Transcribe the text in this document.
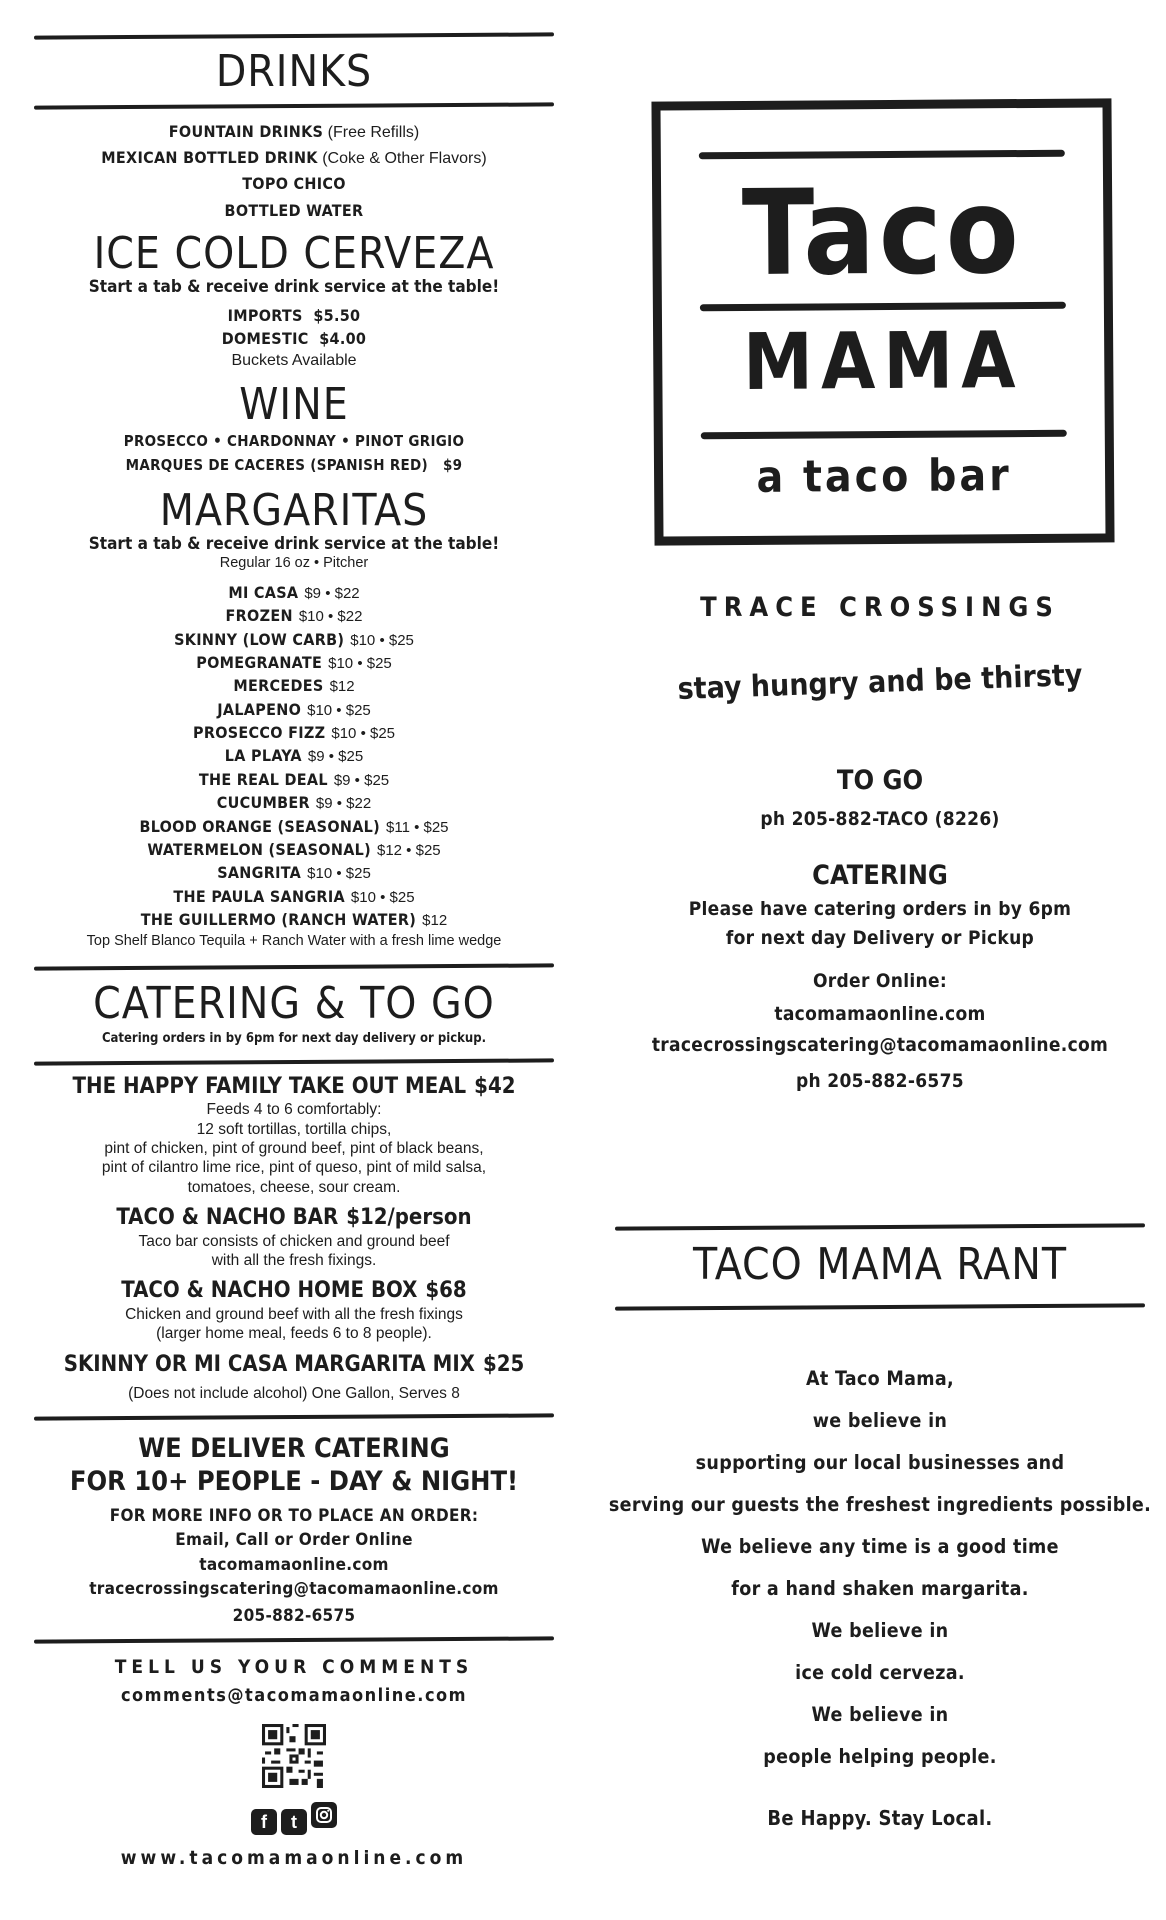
DRINKS

FOUNTAIN DRINKS (Free Refills)

MEXICAN BOTTLED DRINK (Coke & Other Flavors)

TOPO CHICO

BOTTLED WATER

ICE COLD CERVEZA

Start a tab & receive drink service at the table!

IMPORTS  $5.50

DOMESTIC  $4.00

Buckets Available

WINE

PROSECCO • CHARDONNAY • PINOT GRIGIO

MARQUES DE CACERES (SPANISH RED)   $9

MARGARITAS

Start a tab & receive drink service at the table!

Regular 16 oz • Pitcher

MI CASA $9 • $22

FROZEN $10 • $22

SKINNY (LOW CARB) $10 • $25

POMEGRANATE $10 • $25

MERCEDES $12

JALAPENO $10 • $25

PROSECCO FIZZ $10 • $25

LA PLAYA $9 • $25

THE REAL DEAL $9 • $25

CUCUMBER $9 • $22

BLOOD ORANGE (SEASONAL) $11 • $25

WATERMELON (SEASONAL) $12 • $25

SANGRITA $10 • $25

THE PAULA SANGRIA $10 • $25

THE GUILLERMO (RANCH WATER) $12

Top Shelf Blanco Tequila + Ranch Water with a fresh lime wedge

CATERING & TO GO

Catering orders in by 6pm for next day delivery or pickup.

THE HAPPY FAMILY TAKE OUT MEAL $42

Feeds 4 to 6 comfortably:

12 soft tortillas, tortilla chips,

pint of chicken, pint of ground beef, pint of black beans,

pint of cilantro lime rice, pint of queso, pint of mild salsa,

tomatoes, cheese, sour cream.

TACO & NACHO BAR $12/person

Taco bar consists of chicken and ground beef

with all the fresh fixings.

TACO & NACHO HOME BOX $68

Chicken and ground beef with all the fresh fixings

(larger home meal, feeds 6 to 8 people).

SKINNY OR MI CASA MARGARITA MIX $25

(Does not include alcohol) One Gallon, Serves 8

WE DELIVER CATERING

FOR 10+ PEOPLE - DAY & NIGHT!

FOR MORE INFO OR TO PLACE AN ORDER:

Email, Call or Order Online

tacomamaonline.com

tracecrossingscatering@tacomamaonline.com

205-882-6575

TELL US YOUR COMMENTS

comments@tacomamaonline.com

f t

www.tacomamaonline.com

Taco
MAMA
a taco bar

TRACE CROSSINGS

stay hungry and be thirsty

TO GO

ph 205-882-TACO (8226)

CATERING

Please have catering orders in by 6pm

for next day Delivery or Pickup

Order Online:

tacomamaonline.com

tracecrossingscatering@tacomamaonline.com

ph 205-882-6575

TACO MAMA RANT

At Taco Mama,

we believe in

supporting our local businesses and

serving our guests the freshest ingredients possible.

We believe any time is a good time

for a hand shaken margarita.

We believe in

ice cold cerveza.

We believe in

people helping people.

Be Happy. Stay Local.
